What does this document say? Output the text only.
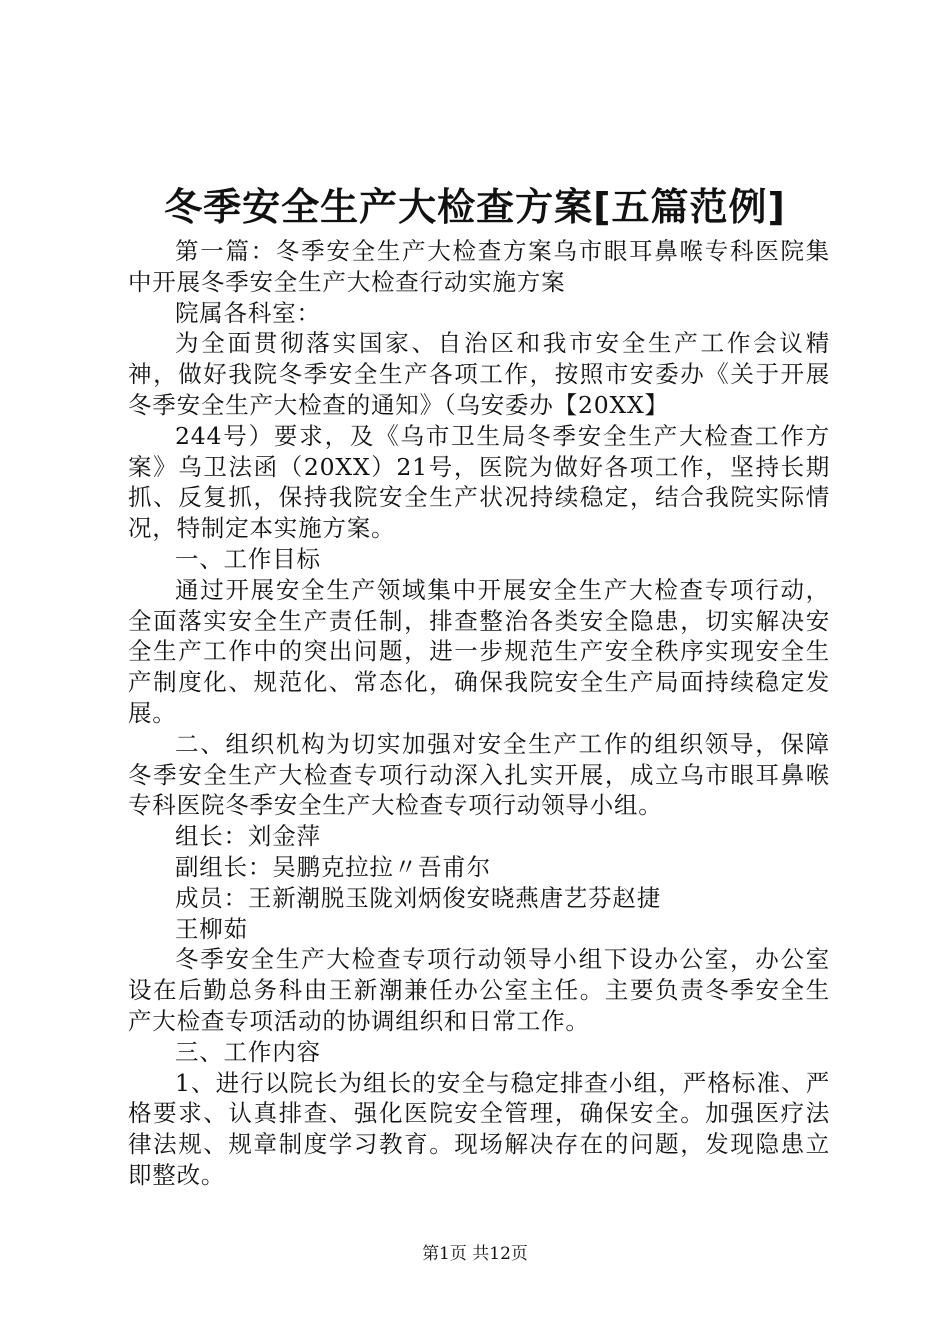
冬季安全生产大检查方案[五篇范例]

第一篇：冬季安全生产大检查方案乌市眼耳鼻喉专科医院集中开展冬季安全生产大检查行动实施方案

院属各科室：

为全面贯彻落实国家、自治区和我市安全生产工作会议精神，做好我院冬季安全生产各项工作，按照市安委办《关于开展冬季安全生产大检查的通知》（乌安委办【20XX】

244号）要求，及《乌市卫生局冬季安全生产大检查工作方案》乌卫法函（20XX）21号，医院为做好各项工作，坚持长期抓、反复抓，保持我院安全生产状况持续稳定，结合我院实际情况，特制定本实施方案。

一、工作目标

通过开展安全生产领域集中开展安全生产大检查专项行动，全面落实安全生产责任制，排查整治各类安全隐患，切实解决安全生产工作中的突出问题，进一步规范生产安全秩序实现安全生产制度化、规范化、常态化，确保我院安全生产局面持续稳定发展。

二、组织机构为切实加强对安全生产工作的组织领导，保障冬季安全生产大检查专项行动深入扎实开展，成立乌市眼耳鼻喉专科医院冬季安全生产大检查专项行动领导小组。

组长：刘金萍

副组长：吴鹏克拉拉〃吾甫尔

成员：王新潮脱玉陇刘炳俊安晓燕唐艺芬赵捷

王柳茹

冬季安全生产大检查专项行动领导小组下设办公室，办公室设在后勤总务科由王新潮兼任办公室主任。主要负责冬季安全生产大检查专项活动的协调组织和日常工作。

三、工作内容

1、进行以院长为组长的安全与稳定排查小组，严格标准、严格要求、认真排查、强化医院安全管理，确保安全。加强医疗法律法规、规章制度学习教育。现场解决存在的问题，发现隐患立即整改。

第1页 共12页
